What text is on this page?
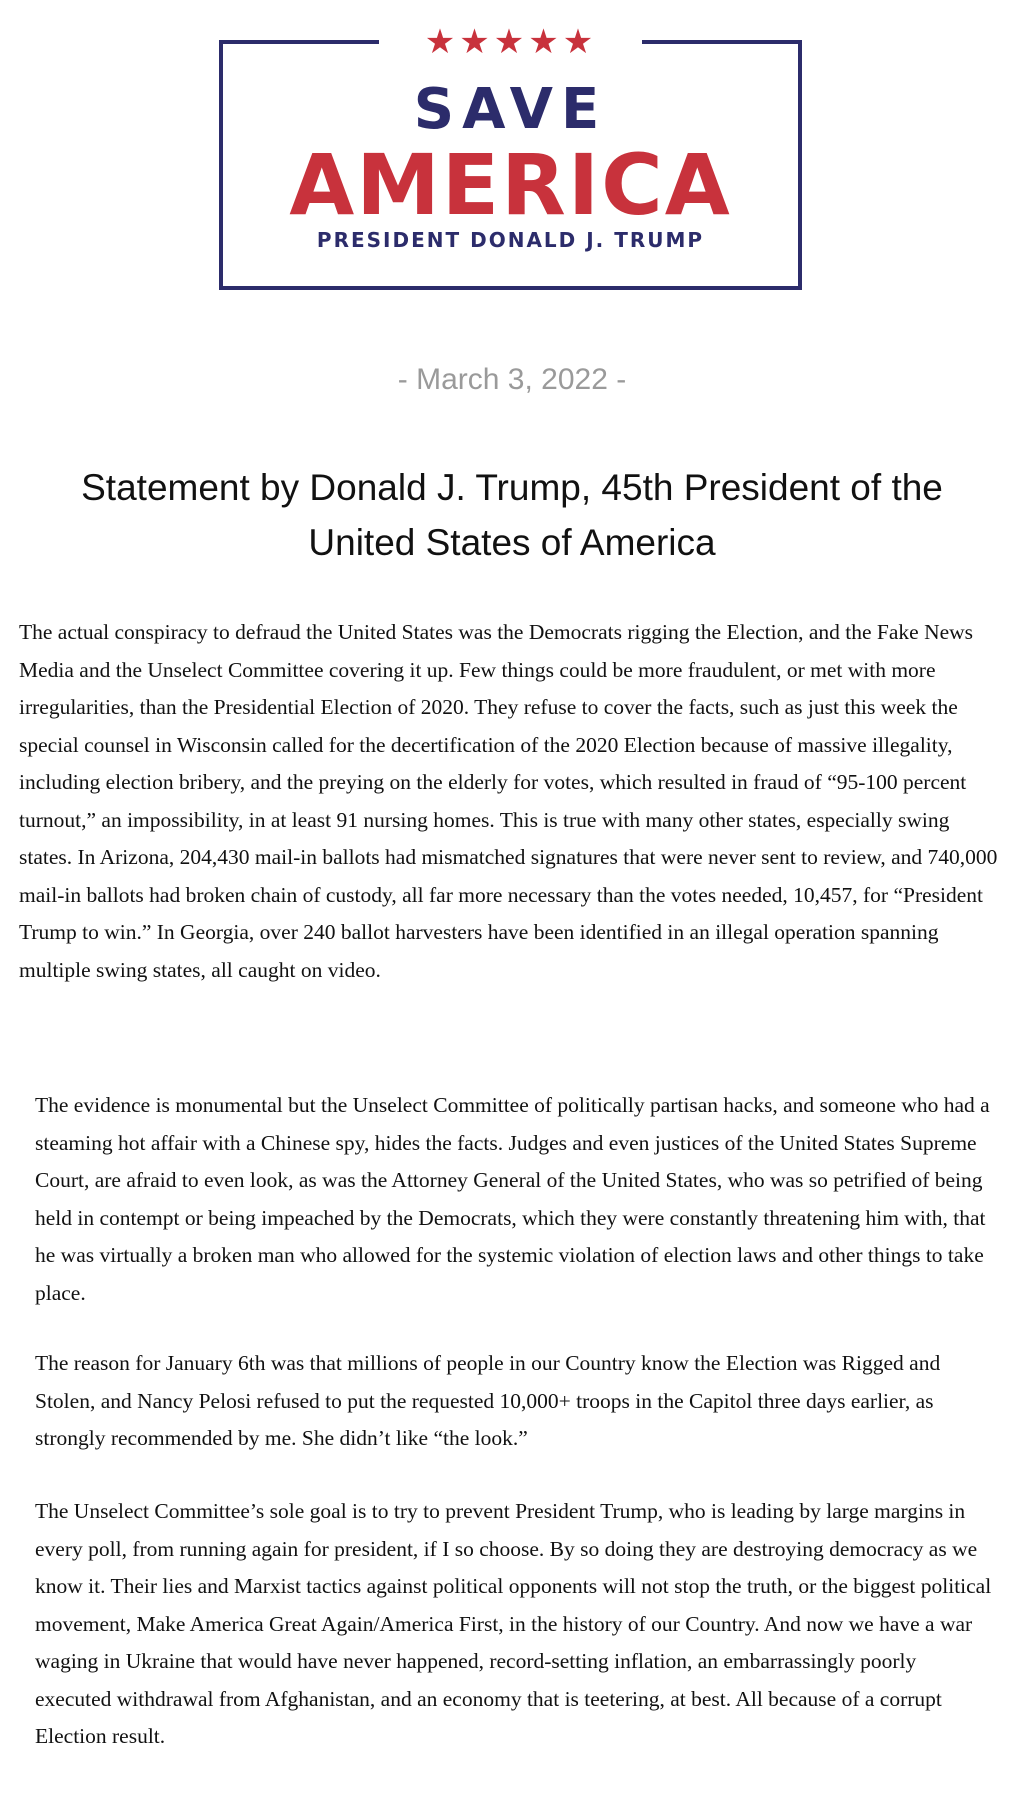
★★★★★
SAVE
AMERICA
PRESIDENT DONALD J. TRUMP
- March 3, 2022 -
Statement by Donald J. Trump, 45th President of the United States of America

The actual conspiracy to defraud the United States was the Democrats rigging the Election, and the Fake News Media and the Unselect Committee covering it up. Few things could be more fraudulent, or met with more irregularities, than the Presidential Election of 2020. They refuse to cover the facts, such as just this week the special counsel in Wisconsin called for the decertification of the 2020 Election because of massive illegality, including election bribery, and the preying on the elderly for votes, which resulted in fraud of “95-100 percent turnout,” an impossibility, in at least 91 nursing homes. This is true with many other states, especially swing states. In Arizona, 204,430 mail-in ballots had mismatched signatures that were never sent to review, and 740,000 mail-in ballots had broken chain of custody, all far more necessary than the votes needed, 10,457, for “President Trump to win.” In Georgia, over 240 ballot harvesters have been identified in an illegal operation spanning multiple swing states, all caught on video.

The evidence is monumental but the Unselect Committee of politically partisan hacks, and someone who had a steaming hot affair with a Chinese spy, hides the facts. Judges and even justices of the United States Supreme Court, are afraid to even look, as was the Attorney General of the United States, who was so petrified of being held in contempt or being impeached by the Democrats, which they were constantly threatening him with, that he was virtually a broken man who allowed for the systemic violation of election laws and other things to take place.

The reason for January 6th was that millions of people in our Country know the Election was Rigged and Stolen, and Nancy Pelosi refused to put the requested 10,000+ troops in the Capitol three days earlier, as strongly recommended by me. She didn’t like “the look.”

The Unselect Committee’s sole goal is to try to prevent President Trump, who is leading by large margins in every poll, from running again for president, if I so choose. By so doing they are destroying democracy as we know it. Their lies and Marxist tactics against political opponents will not stop the truth, or the biggest political movement, Make America Great Again/America First, in the history of our Country. And now we have a war waging in Ukraine that would have never happened, record-setting inflation, an embarrassingly poorly executed withdrawal from Afghanistan, and an economy that is teetering, at best. All because of a corrupt Election result.
